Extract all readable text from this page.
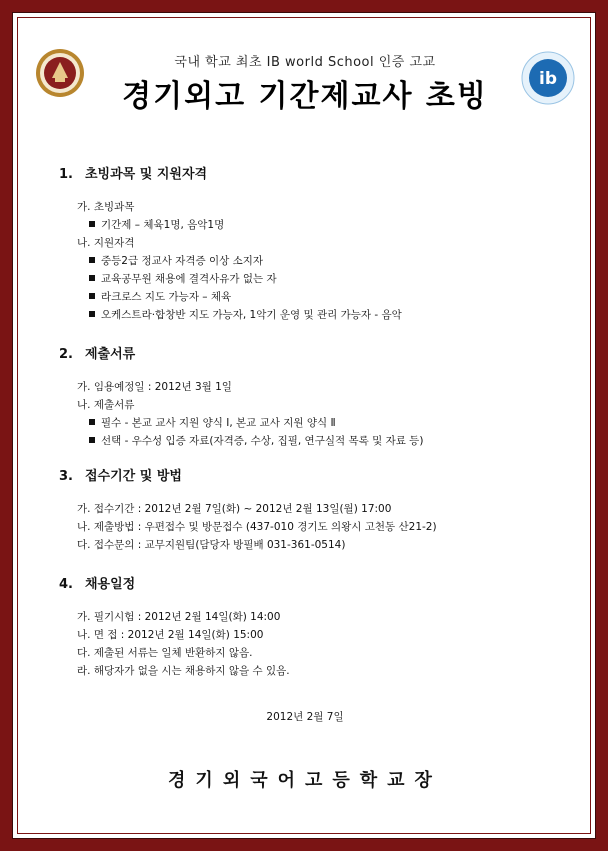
ib
국내 학교 최초 IB world School 인증 고교
경기외고 기간제교사 초빙
1. 초빙과목 및 지원자격
가. 초빙과목
기간제 – 체육1명, 음악1명
나. 지원자격
중등2급 정교사 자격증 이상 소지자
교육공무원 채용에 결격사유가 없는 자
라크로스 지도 가능자 – 체육
오케스트라·합창반 지도 가능자, 1악기 운영 및 관리 가능자 - 음악
2. 제출서류
가. 임용예정일 : 2012년 3월 1일
나. 제출서류
필수 - 본교 교사 지원 양식 Ⅰ, 본교 교사 지원 양식 Ⅱ
선택 - 우수성 입증 자료(자격증, 수상, 집필, 연구실적 목록 및 자료 등)
3. 접수기간 및 방법
가. 접수기간 : 2012년 2월 7일(화) ~ 2012년 2월 13일(월) 17:00
나. 제출방법 : 우편접수 및 방문접수 (437-010 경기도 의왕시 고천동 산21-2)
다. 접수문의 : 교무지원팀(담당자 방필배 031-361-0514)
4. 채용일정
가. 필기시험 : 2012년 2월 14일(화) 14:00
나. 면 접 : 2012년 2월 14일(화) 15:00
다. 제출된 서류는 일체 반환하지 않음.
라. 해당자가 없을 시는 채용하지 않을 수 있음.
2012년 2월 7일
경기외국어고등학교장
